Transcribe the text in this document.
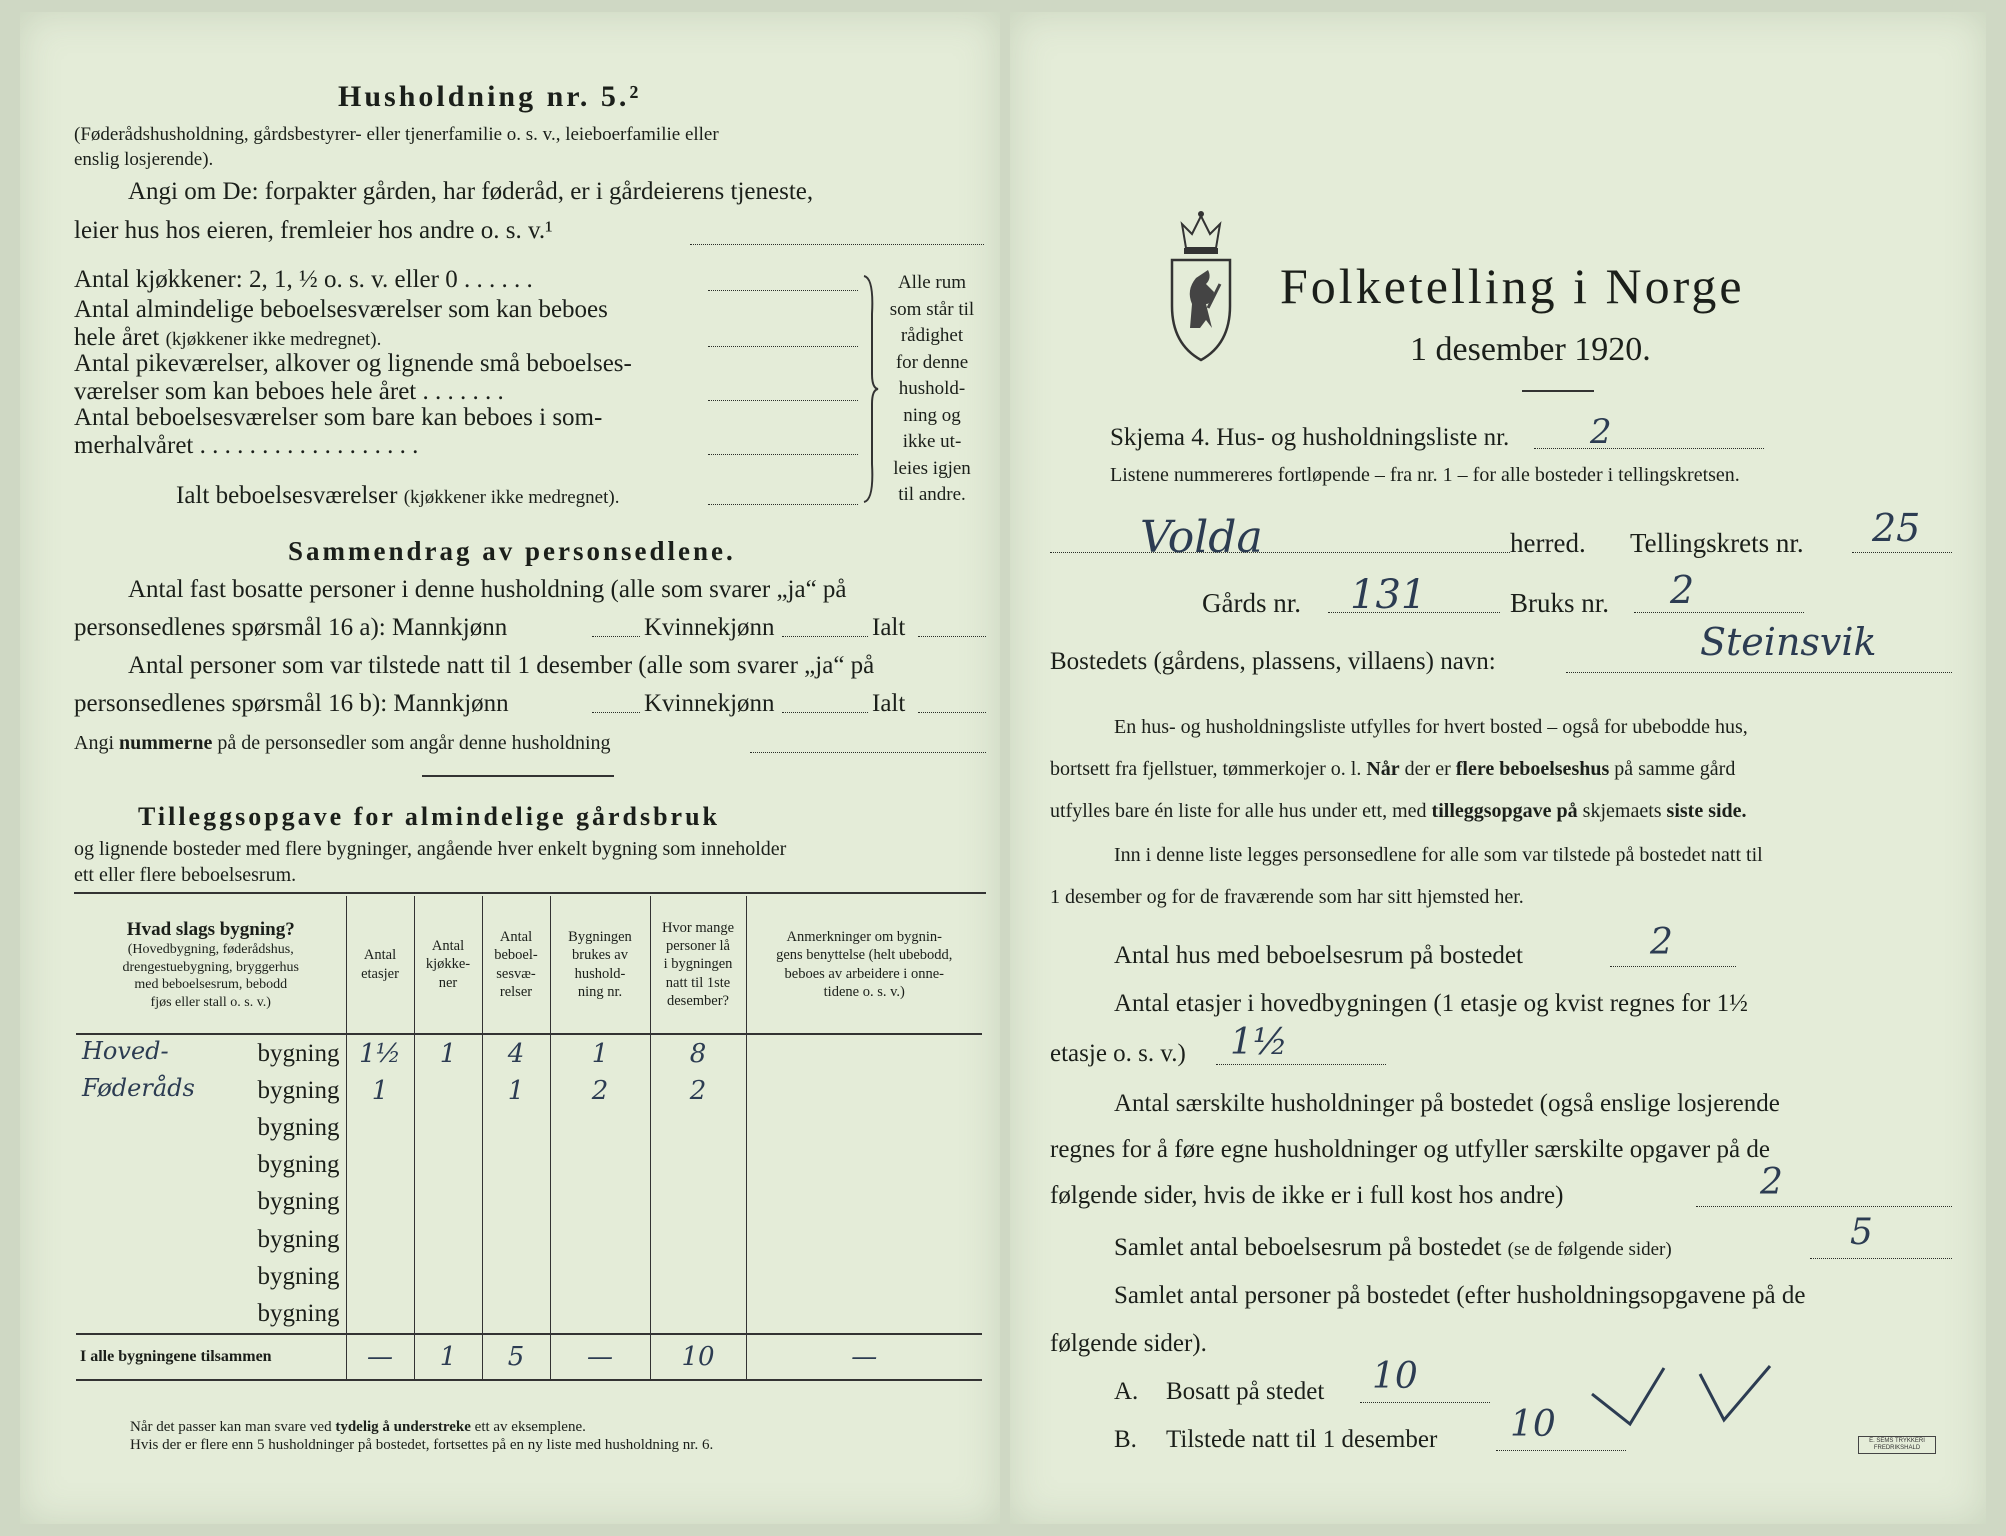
Husholdning nr. 5.²
(Føderådshusholdning, gårdsbestyrer- eller tjenerfamilie o. s. v., leieboerfamilie eller
enslig losjerende).
Angi om De: forpakter gården, har føderåd, er i gårdeierens tjeneste,
leier hus hos eieren, fremleier hos andre o. s. v.¹
Antal kjøkkener: 2, 1, ½ o. s. v. eller 0 . . . . . .
Antal almindelige beboelsesværelser som kan beboes
hele året (kjøkkener ikke medregnet).
Antal pikeværelser, alkover og lignende små beboelses-
værelser som kan beboes hele året . . . . . . .
Antal beboelsesværelser som bare kan beboes i som-
merhalvåret . . . . . . . . . . . . . . . . . .
Ialt beboelsesværelser (kjøkkener ikke medregnet).
Alle rum
som står til
rådighet
for denne
hushold-
ning og
ikke ut-
leies igjen
til andre.
Sammendrag av personsedlene.
Antal fast bosatte personer i denne husholdning (alle som svarer „ja“ på
personsedlenes spørsmål 16 a): Mannkjønn	Kvinnekjønn	Ialt
Antal personer som var tilstede natt til 1 desember (alle som svarer „ja“ på
personsedlenes spørsmål 16 b): Mannkjønn	Kvinnekjønn	Ialt
Angi nummerne på de personsedler som angår denne husholdning
Tilleggsopgave for almindelige gårdsbruk
og lignende bosteder med flere bygninger, angående hver enkelt bygning som inneholder
ett eller flere beboelsesrum.
Hvad slags bygning?
(Hovedbygning, føderådshus,
drengestuebygning, bryggerhus
med beboelsesrum, bebodd
fjøs eller stall o. s. v.)	Antal
etasjer	Antal
kjøkke-
ner	Antal
beboel-
sesvæ-
relser	Bygningen
brukes av
hushold-
ning nr.	Hvor mange
personer lå
i bygningen
natt til 1ste
desember?	Anmerkninger om bygnin-
gens benyttelse (helt ubebodd,
beboes av arbeidere i onne-
tidene o. s. v.)

Hoved- bygning	1½	1	4	1	8	

Føderåds bygning	1		1	2	2	

bygning						

bygning						

bygning						

bygning						

bygning						

bygning						
I alle bygningene tilsammen	—	1	5	—	10	—
Når det passer kan man svare ved tydelig å understreke ett av eksemplene.
Hvis der er flere enn 5 husholdninger på bostedet, fortsettes på en ny liste med husholdning nr. 6.
Folketelling i Norge
1 desember 1920.
Skjema 4. Hus- og husholdningsliste nr. 2
Listene nummereres fortløpende – fra nr. 1 – for alle bosteder i tellingskretsen.
Volda	herred. Tellingskrets nr. 25
Gårds nr. 131	Bruks nr. 2
Bostedets (gårdens, plassens, villaens) navn:	Steinsvik
En hus- og husholdningsliste utfylles for hvert bosted – også for ubebodde hus,
bortsett fra fjellstuer, tømmerkojer o. l. Når der er flere beboelseshus på samme gård
utfylles bare én liste for alle hus under ett, med tilleggsopgave på skjemaets siste side.
Inn i denne liste legges personsedlene for alle som var tilstede på bostedet natt til
1 desember og for de fraværende som har sitt hjemsted her.
Antal hus med beboelsesrum på bostedet	2
Antal etasjer i hovedbygningen (1 etasje og kvist regnes for 1½
etasje o. s. v.) 1½
Antal særskilte husholdninger på bostedet (også enslige losjerende
regnes for å føre egne husholdninger og utfyller særskilte opgaver på de
følgende sider, hvis de ikke er i full kost hos andre)	2
Samlet antal beboelsesrum på bostedet (se de følgende sider)	5
Samlet antal personer på bostedet (efter husholdningsopgavene på de
følgende sider).
A. Bosatt på stedet 10
B. Tilstede natt til 1 desember 10	E. SEMS TRYKKERI
FREDRIKSHALD
